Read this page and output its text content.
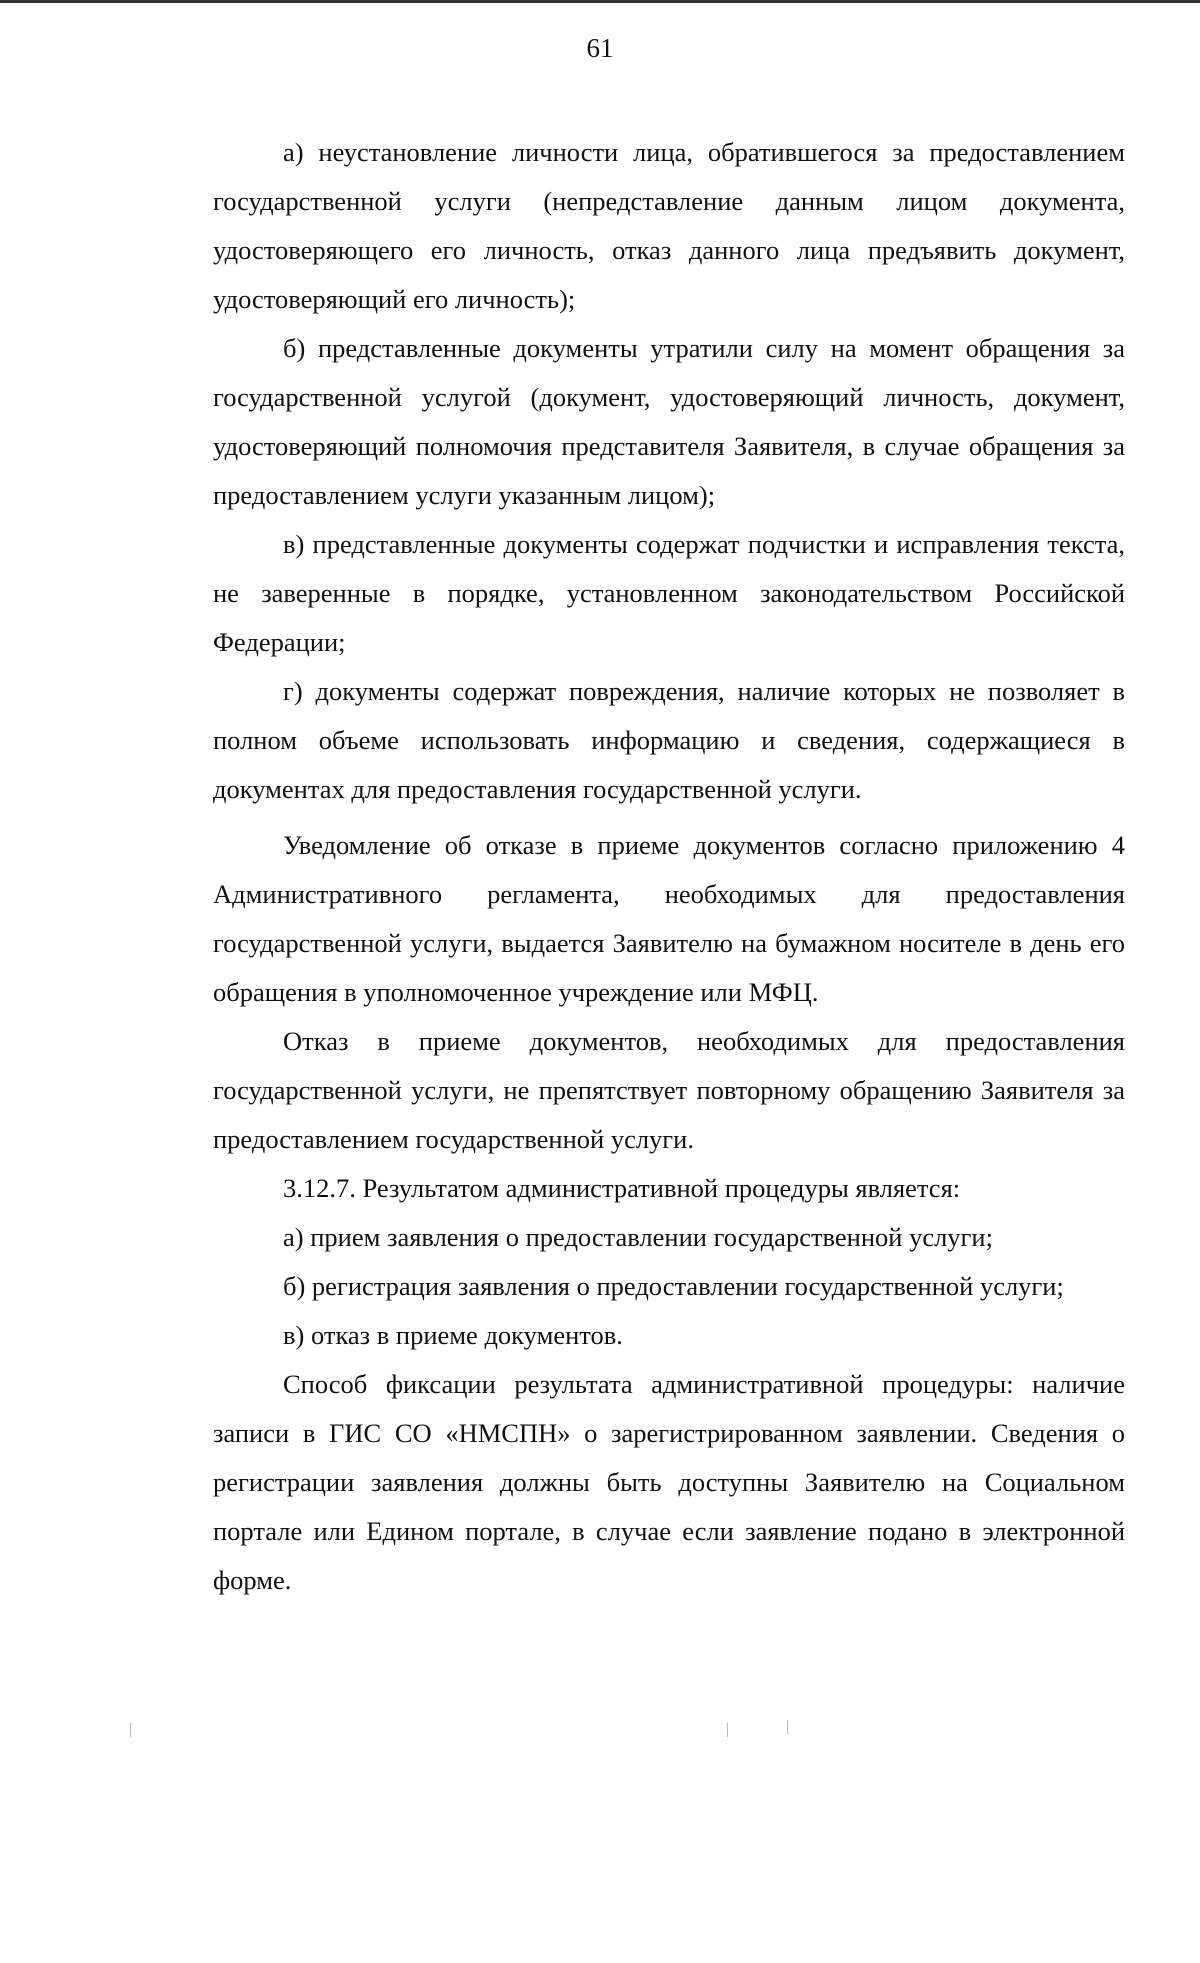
61

а) неустановление личности лица, обратившегося за предоставлением государственной услуги (непредставление данным лицом документа, удостоверяющего его личность, отказ данного лица предъявить документ, удостоверяющий его личность);

б) представленные документы утратили силу на момент обращения за государственной услугой (документ, удостоверяющий личность, документ, удостоверяющий полномочия представителя Заявителя, в случае обращения за предоставлением услуги указанным лицом);

в) представленные документы содержат подчистки и исправления текста, не заверенные в порядке, установленном законодательством Российской Федерации;

г) документы содержат повреждения, наличие которых не позволяет в полном объеме использовать информацию и сведения, содержащиеся в документах для предоставления государственной услуги.

Уведомление об отказе в приеме документов согласно приложению 4 Административного регламента, необходимых для предоставления государственной услуги, выдается Заявителю на бумажном носителе в день его обращения в уполномоченное учреждение или МФЦ.

Отказ в приеме документов, необходимых для предоставления государственной услуги, не препятствует повторному обращению Заявителя за предоставлением государственной услуги.

3.12.7. Результатом административной процедуры является:

а) прием заявления о предоставлении государственной услуги;

б) регистрация заявления о предоставлении государственной услуги;

в) отказ в приеме документов.

Способ фиксации результата административной процедуры: наличие записи в ГИС СО «НМСПН» о зарегистрированном заявлении. Сведения о регистрации заявления должны быть доступны Заявителю на Социальном портале или Едином портале, в случае если заявление подано в электронной форме.
